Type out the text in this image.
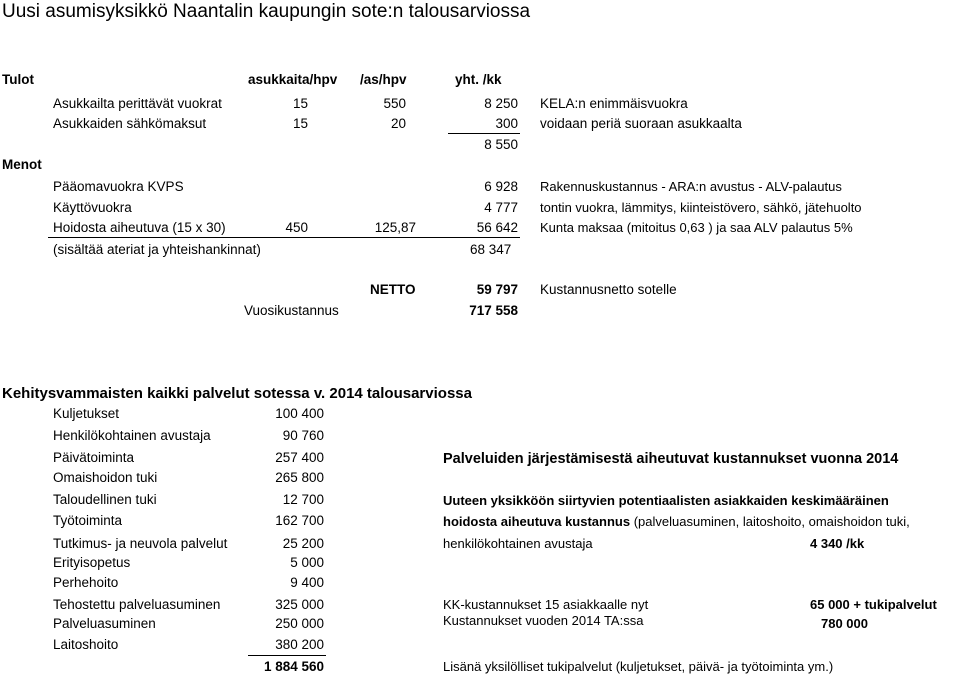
Uusi asumisyksikkö Naantalin kaupungin sote:n talousarviossa
Tulot	asukkaita/hpv /as/hpv	yht. /kk
Asukkailta perittävät vuokrat	15	550	8 250 KELA:n enimmäisvuokra
Asukkaiden sähkömaksut	15	20	300 voidaan periä suoraan asukkaalta
8 550
Menot
Pääomavuokra KVPS	6 928 Rakennuskustannus - ARA:n avustus - ALV-palautus
Käyttövuokra	4 777 tontin vuokra, lämmitys, kiinteistövero, sähkö, jätehuolto
Hoidosta aiheutuva (15 x 30)	450	125,87	56 642 Kunta maksaa (mitoitus 0,63 ) ja saa ALV palautus 5%
(sisältää ateriat ja yhteishankinnat)	68 347
NETTO	59 797 Kustannusnetto sotelle
Vuosikustannus	717 558
Kehitysvammaisten kaikki palvelut sotessa v. 2014 talousarviossa
Kuljetukset	100 400
Henkilökohtainen avustaja	90 760
Päivätoiminta	257 400
Omaishoidon tuki	265 800
Taloudellinen tuki	12 700
Työtoiminta	162 700
Tutkimus- ja neuvola palvelut	25 200
Erityisopetus	5 000
Perhehoito	9 400
Tehostettu palveluasuminen	325 000
Palveluasuminen	250 000
Laitoshoito	380 200
1 884 560
Palveluiden järjestämisestä aiheutuvat kustannukset vuonna 2014
Uuteen yksikköön siirtyvien potentiaalisten asiakkaiden keskimääräinen
hoidosta aiheutuva kustannus (palveluasuminen, laitoshoito, omaishoidon tuki,
henkilökohtainen avustaja	4 340 /kk
KK-kustannukset 15 asiakkaalle nyt	65 000 + tukipalvelut
Kustannukset vuoden 2014 TA:ssa	780 000
Lisänä yksilölliset tukipalvelut (kuljetukset, päivä- ja työtoiminta ym.)
